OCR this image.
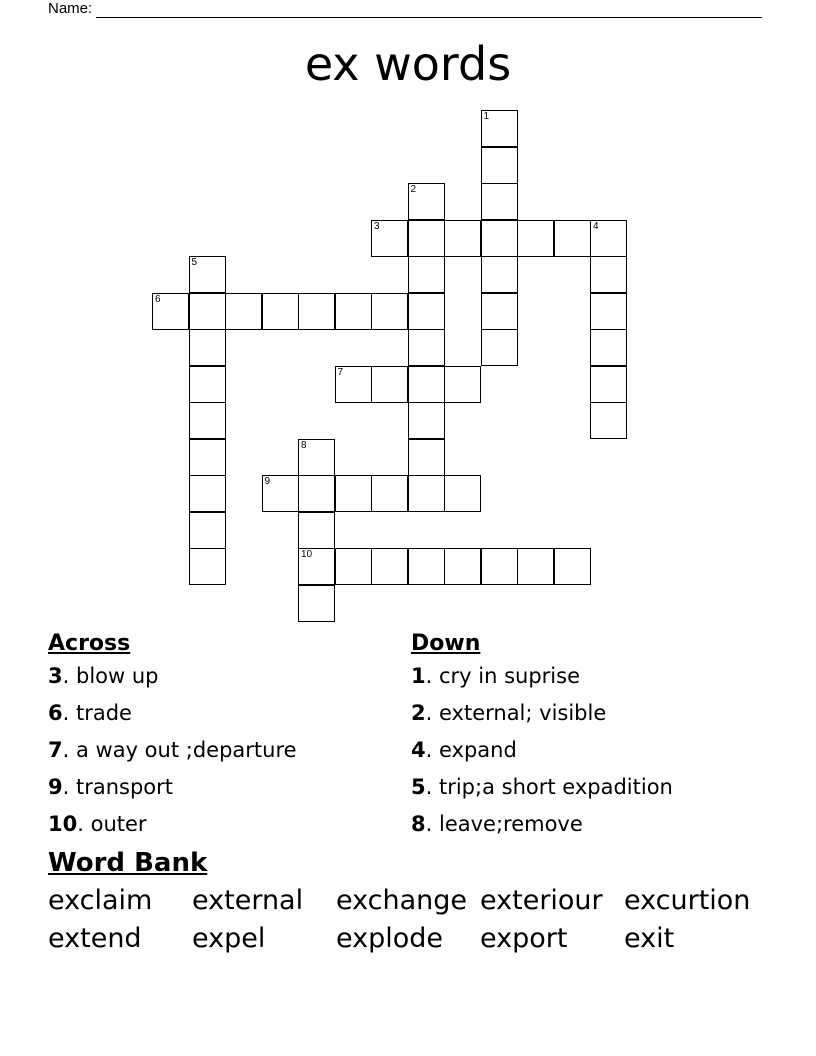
Name:
ex words
1
2
3	4
5
6
7
8
10
9
Across
3. blow up
6. trade
7. a way out ;departure
9. transport
10. outer
Down
1. cry in suprise
2. external; visible
4. expand
5. trip;a short expadition
8. leave;remove
Word Bank
exclaim	external	exchange exteriour excurtion
extend	expel	explode	export	exit
